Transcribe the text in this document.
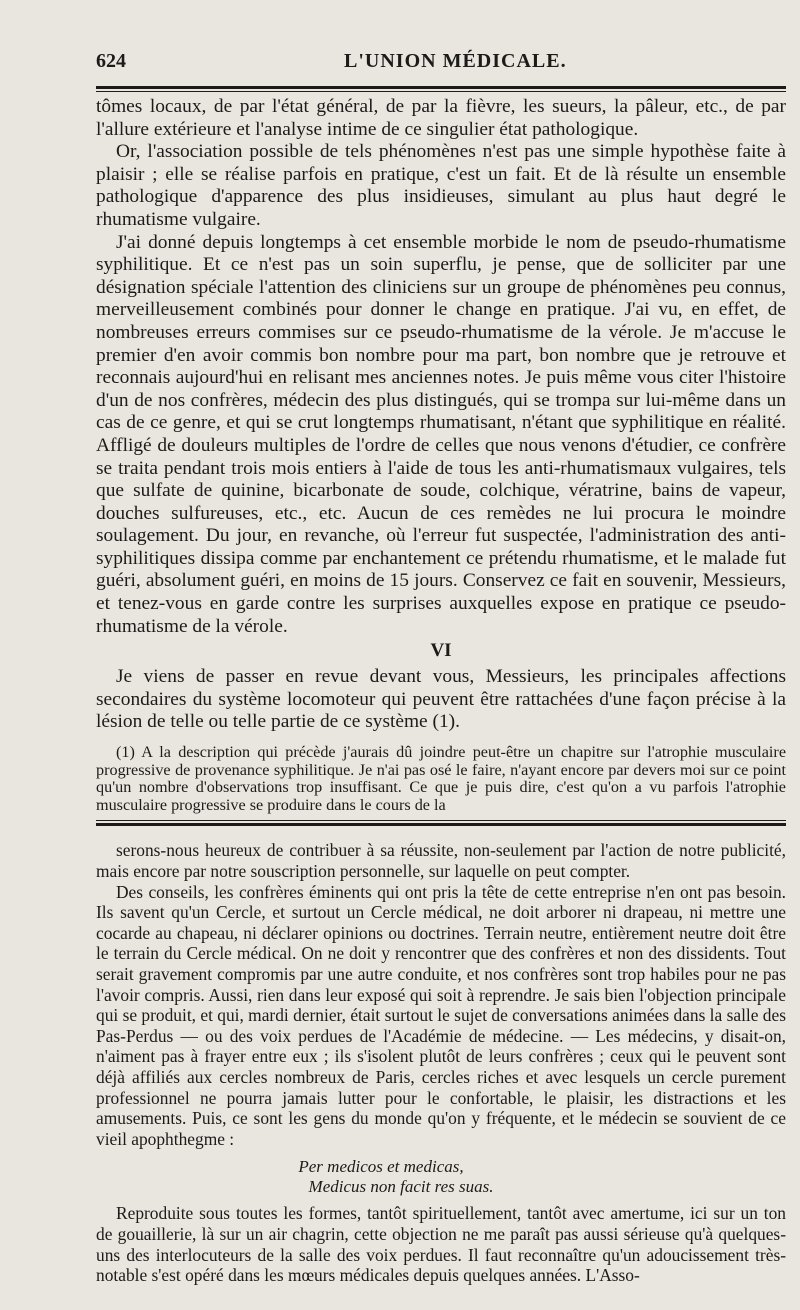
624	L'UNION MÉDICALE.

tômes locaux, de par l'état général, de par la fièvre, les sueurs, la pâleur, etc., de par l'allure extérieure et l'analyse intime de ce singulier état pathologique.

Or, l'association possible de tels phénomènes n'est pas une simple hypothèse faite à plaisir ; elle se réalise parfois en pratique, c'est un fait. Et de là résulte un ensemble pathologique d'apparence des plus insidieuses, simulant au plus haut degré le rhumatisme vulgaire.

J'ai donné depuis longtemps à cet ensemble morbide le nom de pseudo-rhumatisme syphilitique. Et ce n'est pas un soin superflu, je pense, que de solliciter par une désignation spéciale l'attention des cliniciens sur un groupe de phénomènes peu connus, merveilleusement combinés pour donner le change en pratique. J'ai vu, en effet, de nombreuses erreurs commises sur ce pseudo-rhumatisme de la vérole. Je m'accuse le premier d'en avoir commis bon nombre pour ma part, bon nombre que je retrouve et reconnais aujourd'hui en relisant mes anciennes notes. Je puis même vous citer l'histoire d'un de nos confrères, médecin des plus distingués, qui se trompa sur lui-même dans un cas de ce genre, et qui se crut longtemps rhumatisant, n'étant que syphilitique en réalité. Affligé de douleurs multiples de l'ordre de celles que nous venons d'étudier, ce confrère se traita pendant trois mois entiers à l'aide de tous les anti-rhumatismaux vulgaires, tels que sulfate de quinine, bicarbonate de soude, colchique, vératrine, bains de vapeur, douches sulfureuses, etc., etc. Aucun de ces remèdes ne lui procura le moindre soulagement. Du jour, en revanche, où l'erreur fut suspectée, l'administration des anti-syphilitiques dissipa comme par enchantement ce prétendu rhumatisme, et le malade fut guéri, absolument guéri, en moins de 15 jours. Conservez ce fait en souvenir, Messieurs, et tenez-vous en garde contre les surprises auxquelles expose en pratique ce pseudo-rhumatisme de la vérole.

VI

Je viens de passer en revue devant vous, Messieurs, les principales affections secondaires du système locomoteur qui peuvent être rattachées d'une façon précise à la lésion de telle ou telle partie de ce système (1).

(1) A la description qui précède j'aurais dû joindre peut-être un chapitre sur l'atrophie musculaire progressive de provenance syphilitique. Je n'ai pas osé le faire, n'ayant encore par devers moi sur ce point qu'un nombre d'observations trop insuffisant. Ce que je puis dire, c'est qu'on a vu parfois l'atrophie musculaire progressive se produire dans le cours de la

serons-nous heureux de contribuer à sa réussite, non-seulement par l'action de notre publicité, mais encore par notre souscription personnelle, sur laquelle on peut compter.

Des conseils, les confrères éminents qui ont pris la tête de cette entreprise n'en ont pas besoin. Ils savent qu'un Cercle, et surtout un Cercle médical, ne doit arborer ni drapeau, ni mettre une cocarde au chapeau, ni déclarer opinions ou doctrines. Terrain neutre, entièrement neutre doit être le terrain du Cercle médical. On ne doit y rencontrer que des confrères et non des dissidents. Tout serait gravement compromis par une autre conduite, et nos confrères sont trop habiles pour ne pas l'avoir compris. Aussi, rien dans leur exposé qui soit à reprendre. Je sais bien l'objection principale qui se produit, et qui, mardi dernier, était surtout le sujet de conversations animées dans la salle des Pas-Perdus — ou des voix perdues de l'Académie de médecine. — Les médecins, y disait-on, n'aiment pas à frayer entre eux ; ils s'isolent plutôt de leurs confrères ; ceux qui le peuvent sont déjà affiliés aux cercles nombreux de Paris, cercles riches et avec lesquels un cercle purement professionnel ne pourra jamais lutter pour le confortable, le plaisir, les distractions et les amusements. Puis, ce sont les gens du monde qu'on y fréquente, et le médecin se souvient de ce vieil apophthegme :

Per medicos et medicas,
Medicus non facit res suas.

Reproduite sous toutes les formes, tantôt spirituellement, tantôt avec amertume, ici sur un ton de gouaillerie, là sur un air chagrin, cette objection ne me paraît pas aussi sérieuse qu'à quelques-uns des interlocuteurs de la salle des voix perdues. Il faut reconnaître qu'un adoucissement très-notable s'est opéré dans les mœurs médicales depuis quelques années. L'Asso-
